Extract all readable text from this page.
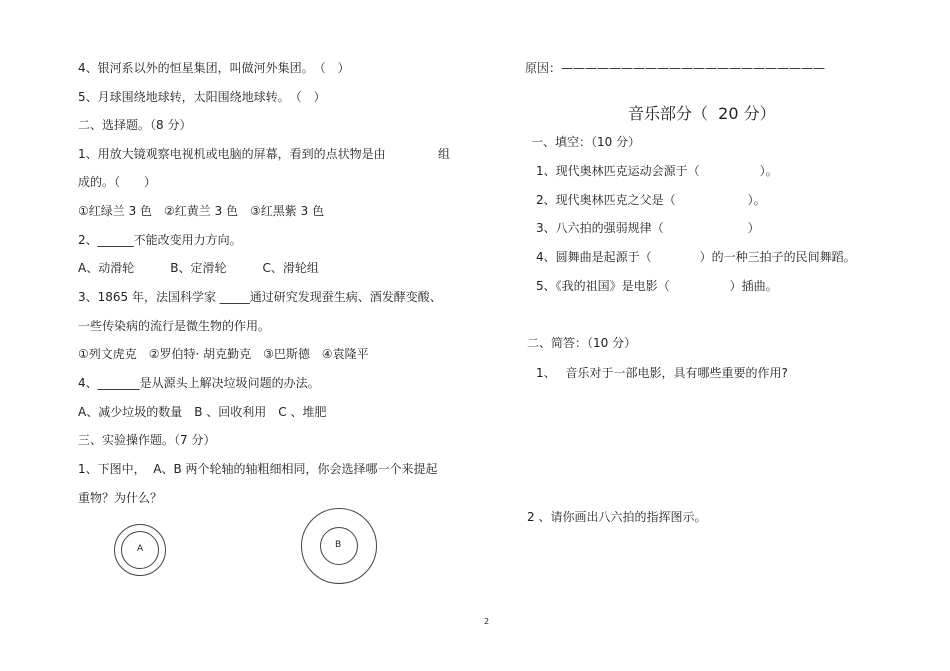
4、银河系以外的恒星集团，叫做河外集团。　（　）
5、月球围绕地球转，太阳围绕地球转。　（　）
二、选择题。（8 分）
1、用放大镜观察电视机或电脑的屏幕，看到的点状物是由	组
成的。（　　）
①红绿兰 3 色　②红黄兰 3 色　③红黑紫 3 色
2、______不能改变用力方向。
A、动滑轮　　　B、定滑轮　　　C、滑轮组
3、1865 年，法国科学家 _____通过研究发现蚕生病、酒发酵变酸、
一些传染病的流行是微生物的作用。
①列文虎克　②罗伯特· 胡克勤克　③巴斯德　④袁隆平
4、_______是从源头上解决垃圾问题的办法。
A、减少垃圾的数量　B 、回收利用　C 、堆肥
三、实验操作题。（7 分）
1、下图中，  A、B 两个轮轴的轴粗细相同，你会选择哪一个来提起
重物？为什么？
A	B
原因：——————————————————————
音乐部分（  20 分）
一、填空：（10 分）
1、现代奥林匹克运动会源于（　　　　　）。
2、现代奥林匹克之父是（　　　　　　）。
3、八六拍的强弱规律（　　　　　　　）
4、圆舞曲是起源于（　　　　）的一种三拍子的民间舞蹈。
5、《我的祖国》是电影（　　　　　）插曲。
二、简答：（10 分）
1、　 音乐对于一部电影，具有哪些重要的作用?
2 、请你画出八六拍的指挥图示。
2
